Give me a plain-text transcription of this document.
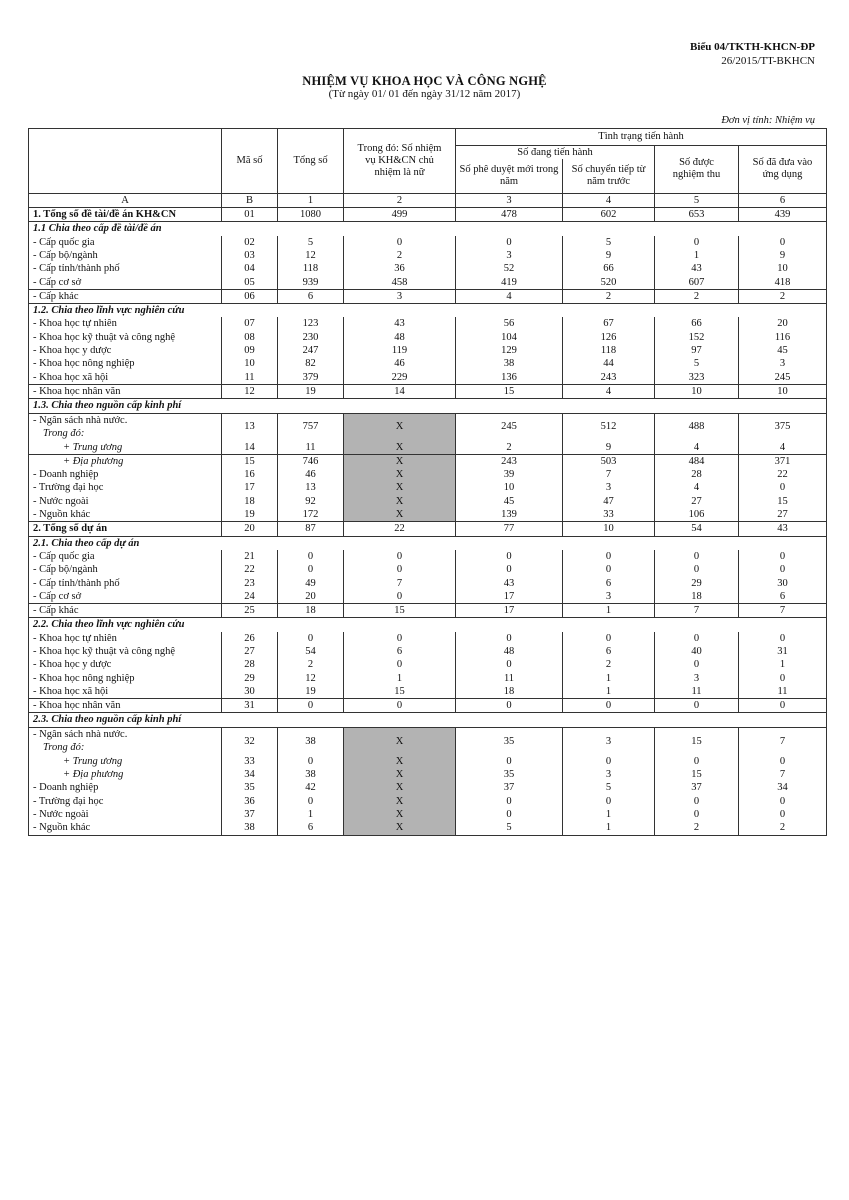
Biểu 04/TKTH-KHCN-ĐP
26/2015/TT-BKHCN
NHIỆM VỤ KHOA HỌC VÀ CÔNG NGHỆ
(Từ ngày 01/ 01 đến ngày 31/12 năm 2017)
Đơn vị tính: Nhiệm vụ
	Mã số	Tổng số	Trong đó: Số nhiệm vụ KH&CN chủ nhiệm là nữ	Tình trạng tiến hành			
				Số đang tiến hành		Số được nghiệm thu	Số đã đưa vào ứng dụng
				Số phê duyệt mới trong năm	Số chuyển tiếp từ năm trước		
A	B	1	2	3	4	5	6
1. Tổng số đề tài/đề án KH&CN	01	1080	499	478	602	653	439
1.1 Chia theo cấp đề tài/đề án							
- Cấp quốc gia	02	5	0	0	5	0	0
- Cấp bộ/ngành	03	12	2	3	9	1	9
- Cấp tỉnh/thành phố	04	118	36	52	66	43	10
- Cấp cơ sở	05	939	458	419	520	607	418
- Cấp khác	06	6	3	4	2	2	2
1.2. Chia theo lĩnh vực nghiên cứu							
- Khoa học tự nhiên	07	123	43	56	67	66	20
- Khoa học kỹ thuật và công nghệ	08	230	48	104	126	152	116
- Khoa học y dược	09	247	119	129	118	97	45
- Khoa học nông nghiệp	10	82	46	38	44	5	3
- Khoa học xã hội	11	379	229	136	243	323	245
- Khoa học nhân văn	12	19	14	15	4	10	10
1.3. Chia theo nguồn cấp kinh phí							
- Ngân sách nhà nước.
Trong đó:	13	757	X	245	512	488	375
+ Trung ương	14	11	X	2	9	4	4
+ Địa phương	15	746	X	243	503	484	371
- Doanh nghiệp	16	46	X	39	7	28	22
- Trường đại học	17	13	X	10	3	4	0
- Nước ngoài	18	92	X	45	47	27	15
- Nguồn khác	19	172	X	139	33	106	27
2. Tổng số dự án	20	87	22	77	10	54	43
2.1. Chia theo cấp dự án							
- Cấp quốc gia	21	0	0	0	0	0	0
- Cấp bộ/ngành	22	0	0	0	0	0	0
- Cấp tỉnh/thành phố	23	49	7	43	6	29	30
- Cấp cơ sở	24	20	0	17	3	18	6
- Cấp khác	25	18	15	17	1	7	7
2.2. Chia theo lĩnh vực nghiên cứu							
- Khoa học tự nhiên	26	0	0	0	0	0	0
- Khoa học kỹ thuật và công nghệ	27	54	6	48	6	40	31
- Khoa học y dược	28	2	0	0	2	0	1
- Khoa học nông nghiệp	29	12	1	11	1	3	0
- Khoa học xã hội	30	19	15	18	1	11	11
- Khoa học nhân văn	31	0	0	0	0	0	0
2.3. Chia theo nguồn cấp kinh phí							
- Ngân sách nhà nước.
Trong đó:	32	38	X	35	3	15	7
+ Trung ương	33	0	X	0	0	0	0
+ Địa phương	34	38	X	35	3	15	7
- Doanh nghiệp	35	42	X	37	5	37	34
- Trường đại học	36	0	X	0	0	0	0
- Nước ngoài	37	1	X	0	1	0	0
- Nguồn khác	38	6	X	5	1	2	2
